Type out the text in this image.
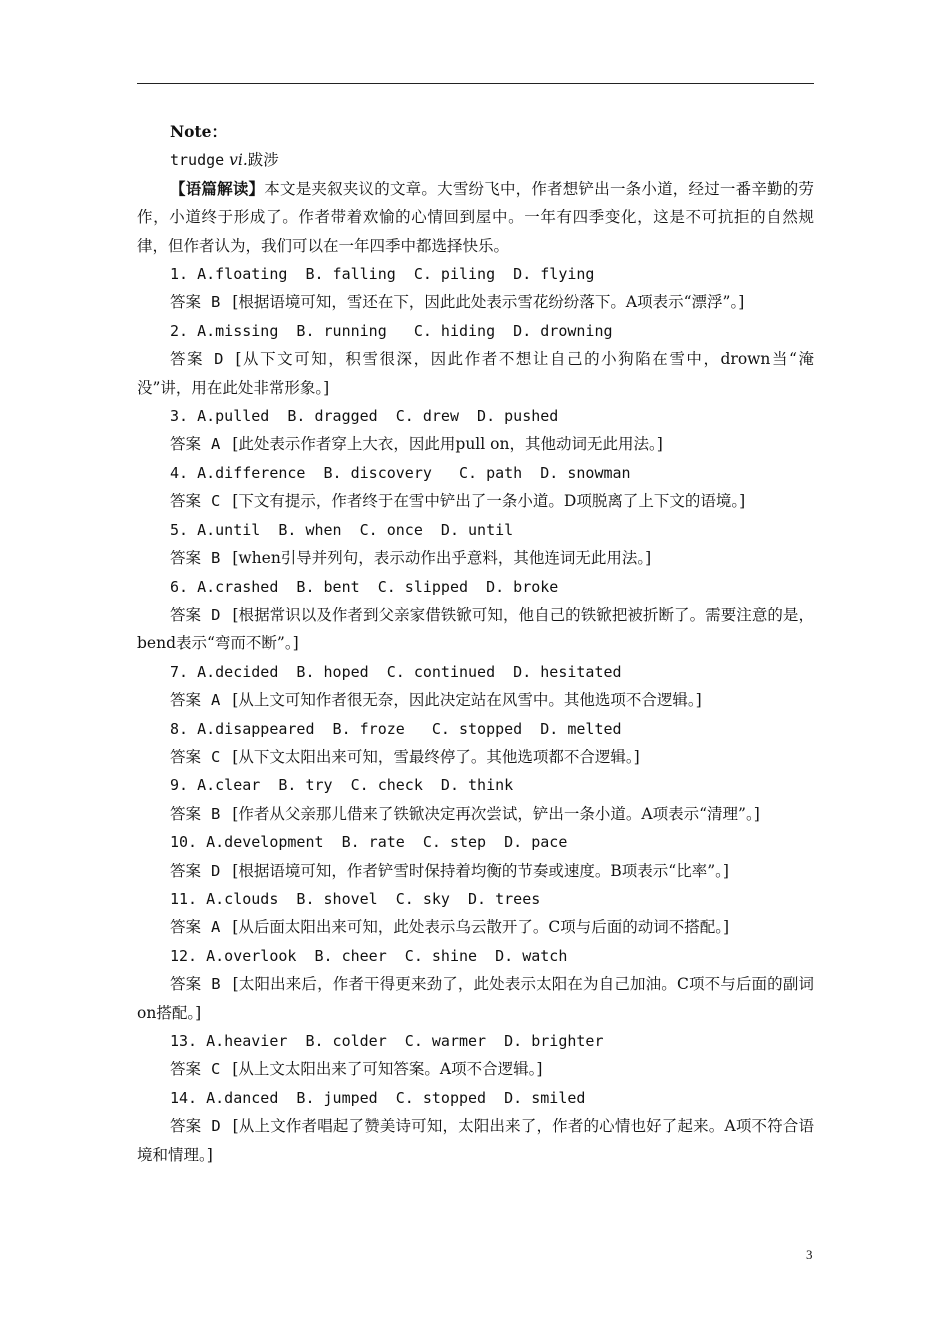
Note：
trudge vi.跋涉
【语篇解读】本文是夹叙夹议的文章。大雪纷飞中，作者想铲出一条小道，经过一番辛勤的劳作，小道终于形成了。作者带着欢愉的心情回到屋中。一年有四季变化，这是不可抗拒的自然规律，但作者认为，我们可以在一年四季中都选择快乐。
1. A.floating  B. falling  C. piling  D. flying
答案 B [根据语境可知，雪还在下，因此此处表示雪花纷纷落下。A项表示“漂浮”。]
2. A.missing  B. running   C. hiding  D. drowning
答案 D [从下文可知，积雪很深，因此作者不想让自己的小狗陷在雪中，drown当“淹没”讲，用在此处非常形象。]
3. A.pulled  B. dragged  C. drew  D. pushed
答案 A [此处表示作者穿上大衣，因此用pull on，其他动词无此用法。]
4. A.difference  B. discovery   C. path  D. snowman
答案 C [下文有提示，作者终于在雪中铲出了一条小道。D项脱离了上下文的语境。]
5. A.until  B. when  C. once  D. until
答案 B [when引导并列句，表示动作出乎意料，其他连词无此用法。]
6. A.crashed  B. bent  C. slipped  D. broke
答案 D [根据常识以及作者到父亲家借铁锨可知，他自己的铁锨把被折断了。需要注意的是，bend表示“弯而不断”。]
7. A.decided  B. hoped  C. continued  D. hesitated
答案 A [从上文可知作者很无奈，因此决定站在风雪中。其他选项不合逻辑。]
8. A.disappeared  B. froze   C. stopped  D. melted
答案 C [从下文太阳出来可知，雪最终停了。其他选项都不合逻辑。]
9. A.clear  B. try  C. check  D. think
答案 B [作者从父亲那儿借来了铁锨决定再次尝试，铲出一条小道。A项表示“清理”。]
10. A.development  B. rate  C. step  D. pace
答案 D [根据语境可知，作者铲雪时保持着均衡的节奏或速度。B项表示“比率”。]
11. A.clouds  B. shovel  C. sky  D. trees
答案 A [从后面太阳出来可知，此处表示乌云散开了。C项与后面的动词不搭配。]
12. A.overlook  B. cheer  C. shine  D. watch
答案 B [太阳出来后，作者干得更来劲了，此处表示太阳在为自己加油。C项不与后面的副词on搭配。]
13. A.heavier  B. colder  C. warmer  D. brighter
答案 C [从上文太阳出来了可知答案。A项不合逻辑。]
14. A.danced  B. jumped  C. stopped  D. smiled
答案 D [从上文作者唱起了赞美诗可知，太阳出来了，作者的心情也好了起来。A项不符合语境和情理。]
3
